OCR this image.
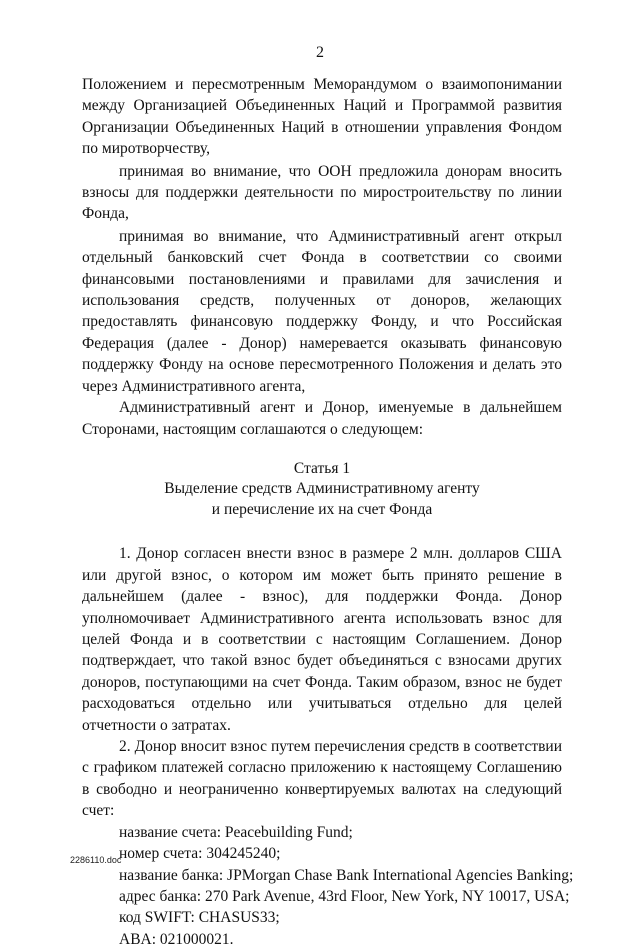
2

Положением и пересмотренным Меморандумом о взаимопонимании между Организацией Объединенных Наций и Программой развития Организации Объединенных Наций в отношении управления Фондом по миротворчеству,

принимая во внимание, что ООН предложила донорам вносить взносы для поддержки деятельности по миростроительству по линии Фонда,

принимая во внимание, что Административный агент открыл отдельный банковский счет Фонда в соответствии со своими финансовыми постановлениями и правилами для зачисления и использования средств, полученных от доноров, желающих предоставлять финансовую поддержку Фонду, и что Российская Федерация (далее - Донор) намеревается оказывать финансовую поддержку Фонду на основе пересмотренного Положения и делать это через Административного агента,

Административный агент и Донор, именуемые в дальнейшем Сторонами, настоящим соглашаются о следующем:

Статья 1
Выделение средств Административному агенту
и перечисление их на счет Фонда

1. Донор согласен внести взнос в размере 2 млн. долларов США или другой взнос, о котором им может быть принято решение в дальнейшем (далее - взнос), для поддержки Фонда. Донор уполномочивает Административного агента использовать взнос для целей Фонда и в соответствии с настоящим Соглашением. Донор подтверждает, что такой взнос будет объединяться с взносами других доноров, поступающими на счет Фонда. Таким образом, взнос не будет расходоваться отдельно или учитываться отдельно для целей отчетности о затратах.

2. Донор вносит взнос путем перечисления средств в соответствии с графиком платежей согласно приложению к настоящему Соглашению в свободно и неограниченно конвертируемых валютах на следующий счет:

название счета: Peacebuilding Fund;
номер счета: 304245240;
название банка: JPMorgan Chase Bank International Agencies Banking;
адрес банка: 270 Park Avenue, 43rd Floor, New York, NY 10017, USA;
код SWIFT: CHASUS33;
ABA: 021000021.
2286110.doc
